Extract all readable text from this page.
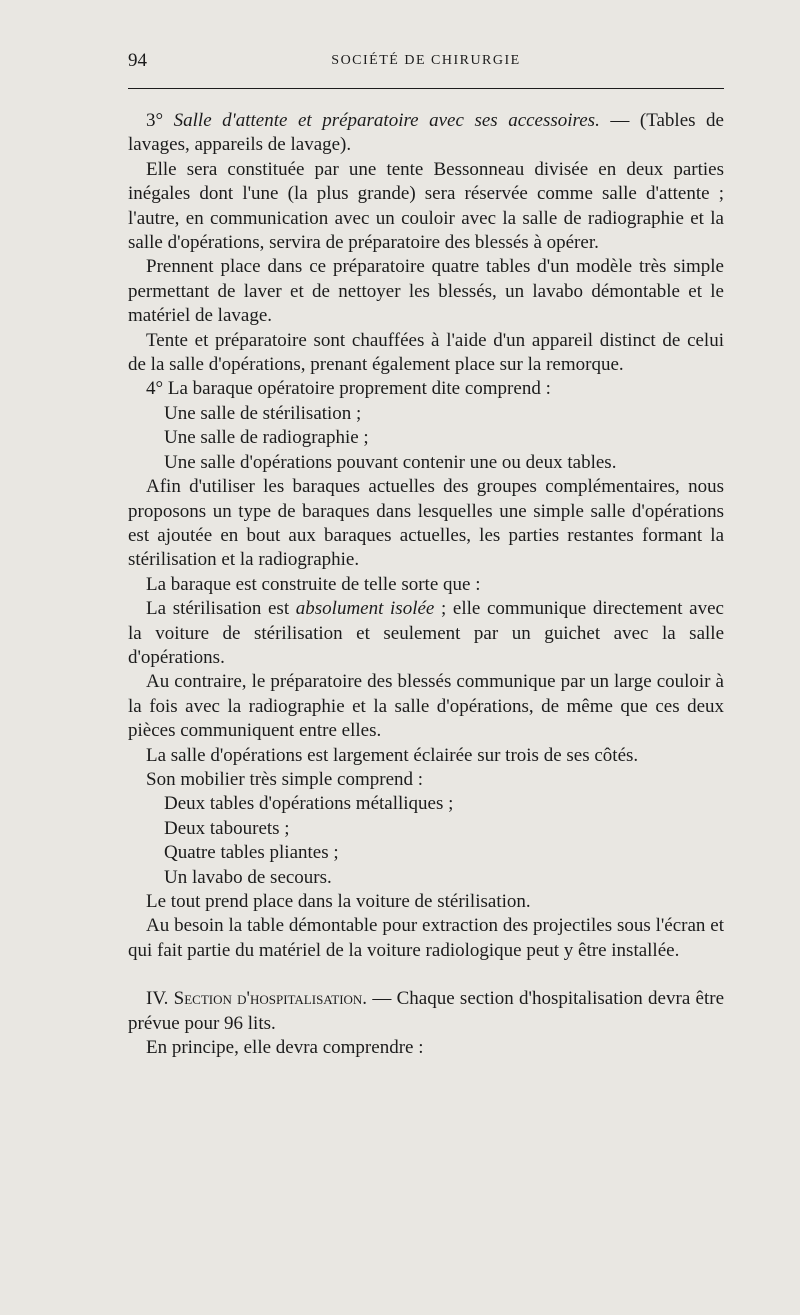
94	SOCIÉTÉ DE CHIRURGIE

3° Salle d'attente et préparatoire avec ses accessoires. — (Tables de lavages, appareils de lavage).

Elle sera constituée par une tente Bessonneau divisée en deux parties inégales dont l'une (la plus grande) sera réservée comme salle d'attente ; l'autre, en communication avec un couloir avec la salle de radiographie et la salle d'opérations, servira de préparatoire des blessés à opérer.

Prennent place dans ce préparatoire quatre tables d'un modèle très simple permettant de laver et de nettoyer les blessés, un lavabo démontable et le matériel de lavage.

Tente et préparatoire sont chauffées à l'aide d'un appareil distinct de celui de la salle d'opérations, prenant également place sur la remorque.

4° La baraque opératoire proprement dite comprend :

Une salle de stérilisation ;

Une salle de radiographie ;

Une salle d'opérations pouvant contenir une ou deux tables.

Afin d'utiliser les baraques actuelles des groupes complémentaires, nous proposons un type de baraques dans lesquelles une simple salle d'opérations est ajoutée en bout aux baraques actuelles, les parties restantes formant la stérilisation et la radiographie.

La baraque est construite de telle sorte que :

La stérilisation est absolument isolée ; elle communique directement avec la voiture de stérilisation et seulement par un guichet avec la salle d'opérations.

Au contraire, le préparatoire des blessés communique par un large couloir à la fois avec la radiographie et la salle d'opérations, de même que ces deux pièces communiquent entre elles.

La salle d'opérations est largement éclairée sur trois de ses côtés.

Son mobilier très simple comprend :

Deux tables d'opérations métalliques ;

Deux tabourets ;

Quatre tables pliantes ;

Un lavabo de secours.

Le tout prend place dans la voiture de stérilisation.

Au besoin la table démontable pour extraction des projectiles sous l'écran et qui fait partie du matériel de la voiture radiologique peut y être installée.

IV. Section d'hospitalisation. — Chaque section d'hospitalisation devra être prévue pour 96 lits.

En principe, elle devra comprendre :
